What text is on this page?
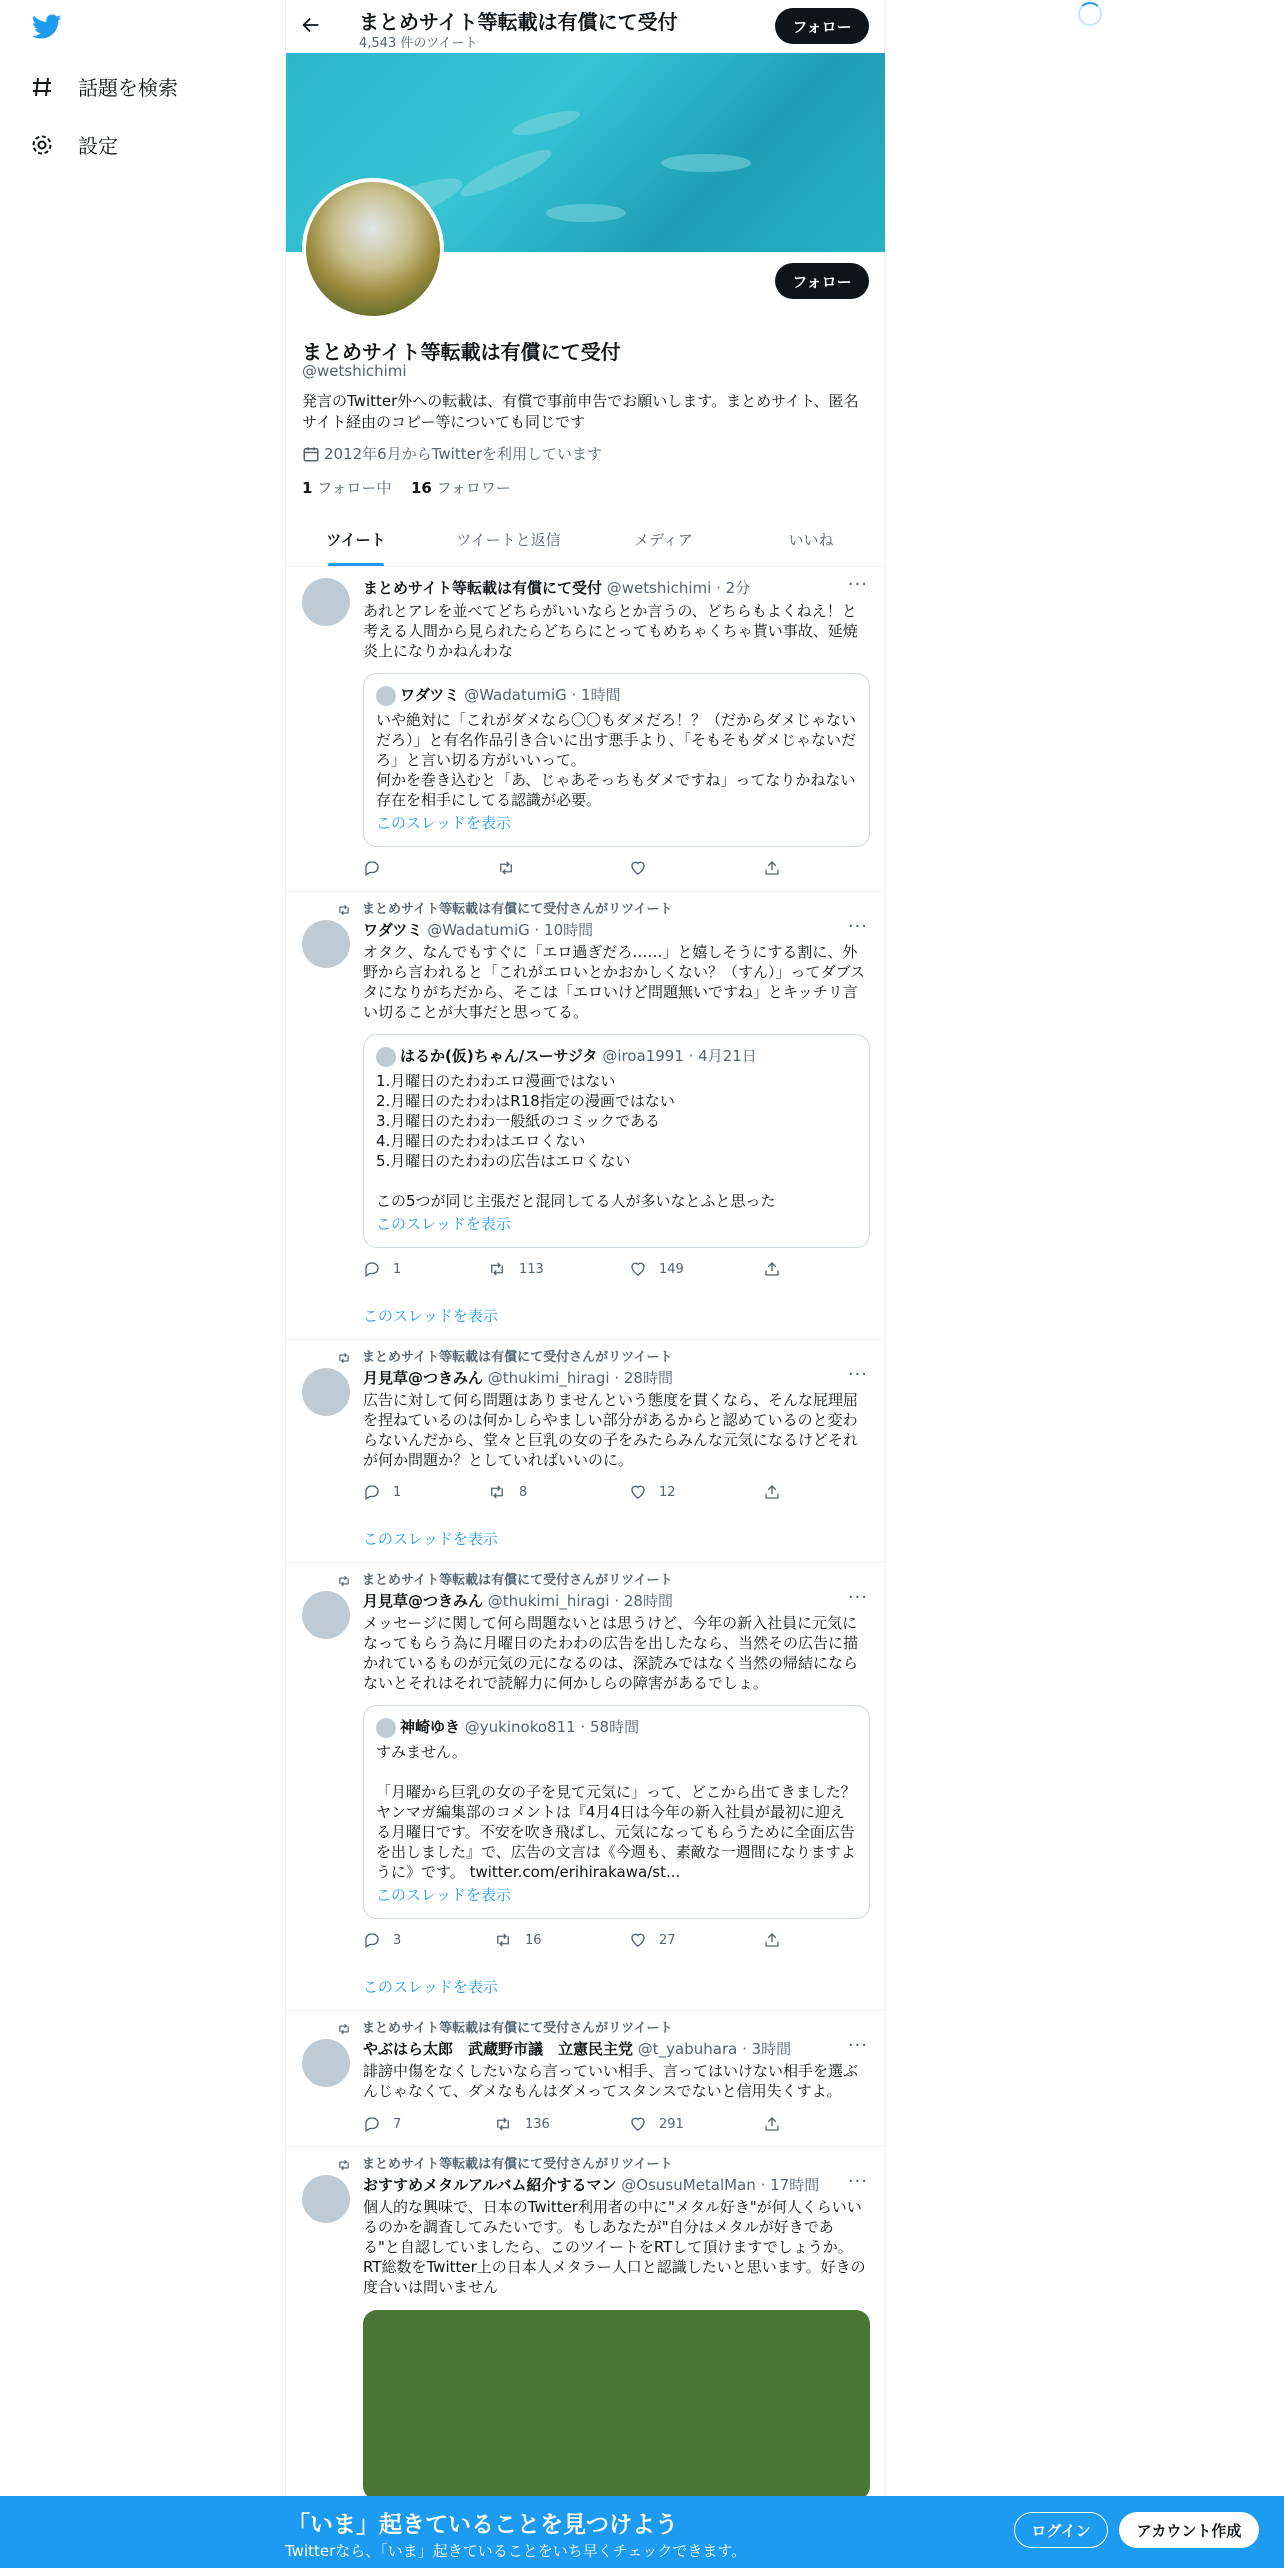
話題を検索
設定
まとめサイト等転載は有償にて受付
4,543 件のツイート
フォロー
フォロー
まとめサイト等転載は有償にて受付
@wetshichimi
発言のTwitter外への転載は、有償で事前申告でお願いします。まとめサイト、匿名サイト経由のコピー等についても同じです
2012年6月からTwitterを利用しています
1 フォロー中 16 フォロワー
ツイート	ツイートと返信	メディア	いいね
まとめサイト等転載は有償にて受付 @wetshichimi · 2分	···
あれとアレを並べてどちらがいいならとか言うの、どちらもよくねえ！と考える人間から見られたらどちらにとってもめちゃくちゃ貰い事故、延焼炎上になりかねんわな
ワダツミ @WadatumiG · 1時間
いや絶対に「これがダメなら〇〇もダメだろ！？（だからダメじゃないだろ）」と有名作品引き合いに出す悪手より、「そもそもダメじゃないだろ」と言い切る方がいいって。
何かを巻き込むと「あ、じゃあそっちもダメですね」ってなりかねない存在を相手にしてる認識が必要。
このスレッドを表示
まとめサイト等転載は有償にて受付さんがリツイート
ワダツミ @WadatumiG · 10時間	···
オタク、なんでもすぐに「エロ過ぎだろ……」と嬉しそうにする割に、外野から言われると「これがエロいとかおかしくない？（すん）」ってダブスタになりがちだから、そこは「エロいけど問題無いですね」とキッチリ言い切ることが大事だと思ってる。
はるか(仮)ちゃん/スーサジタ @iroa1991 · 4月21日
1.月曜日のたわわエロ漫画ではない
2.月曜日のたわわはR18指定の漫画ではない
3.月曜日のたわわ一般紙のコミックである
4.月曜日のたわわはエロくない
5.月曜日のたわわの広告はエロくない

この5つが同じ主張だと混同してる人が多いなとふと思った
このスレッドを表示
1	113	149
このスレッドを表示
まとめサイト等転載は有償にて受付さんがリツイート
月見草@つきみん @thukimi_hiragi · 28時間	···
広告に対して何ら問題はありませんという態度を貫くなら、そんな屁理屈を捏ねているのは何かしらやましい部分があるからと認めているのと変わらないんだから、堂々と巨乳の女の子をみたらみんな元気になるけどそれが何か問題か？としていればいいのに。
1	8	12
このスレッドを表示
まとめサイト等転載は有償にて受付さんがリツイート
月見草@つきみん @thukimi_hiragi · 28時間	···
メッセージに関して何ら問題ないとは思うけど、今年の新入社員に元気になってもらう為に月曜日のたわわの広告を出したなら、当然その広告に描かれているものが元気の元になるのは、深読みではなく当然の帰結にならないとそれはそれで読解力に何かしらの障害があるでしょ。
神崎ゆき @yukinoko811 · 58時間
すみません。

「月曜から巨乳の女の子を見て元気に」って、どこから出てきました？ヤンマガ編集部のコメントは『4月4日は今年の新入社員が最初に迎える月曜日です。不安を吹き飛ばし、元気になってもらうために全面広告を出しました』で、広告の文言は《今週も、素敵な一週間になりますように》です。 twitter.com/erihirakawa/st...
このスレッドを表示
3	16	27
このスレッドを表示
まとめサイト等転載は有償にて受付さんがリツイート
やぶはら太郎　武蔵野市議　立憲民主党 @t_yabuhara · 3時間	···
誹謗中傷をなくしたいなら言っていい相手、言ってはいけない相手を選ぶんじゃなくて、ダメなもんはダメってスタンスでないと信用失くすよ。
7	136	291
まとめサイト等転載は有償にて受付さんがリツイート
おすすめメタルアルバム紹介するマン @OsusuMetalMan · 17時間 ···
個人的な興味で、日本のTwitter利用者の中に"メタル好き"が何人くらいいるのかを調査してみたいです。もしあなたが"自分はメタルが好きである"と自認していましたら、このツイートをRTして頂けますでしょうか。RT総数をTwitter上の日本人メタラー人口と認識したいと思います。好きの度合いは問いません
「いま」起きていることを見つけよう
Twitterなら、「いま」起きていることをいち早くチェックできます。
ログイン	アカウント作成
